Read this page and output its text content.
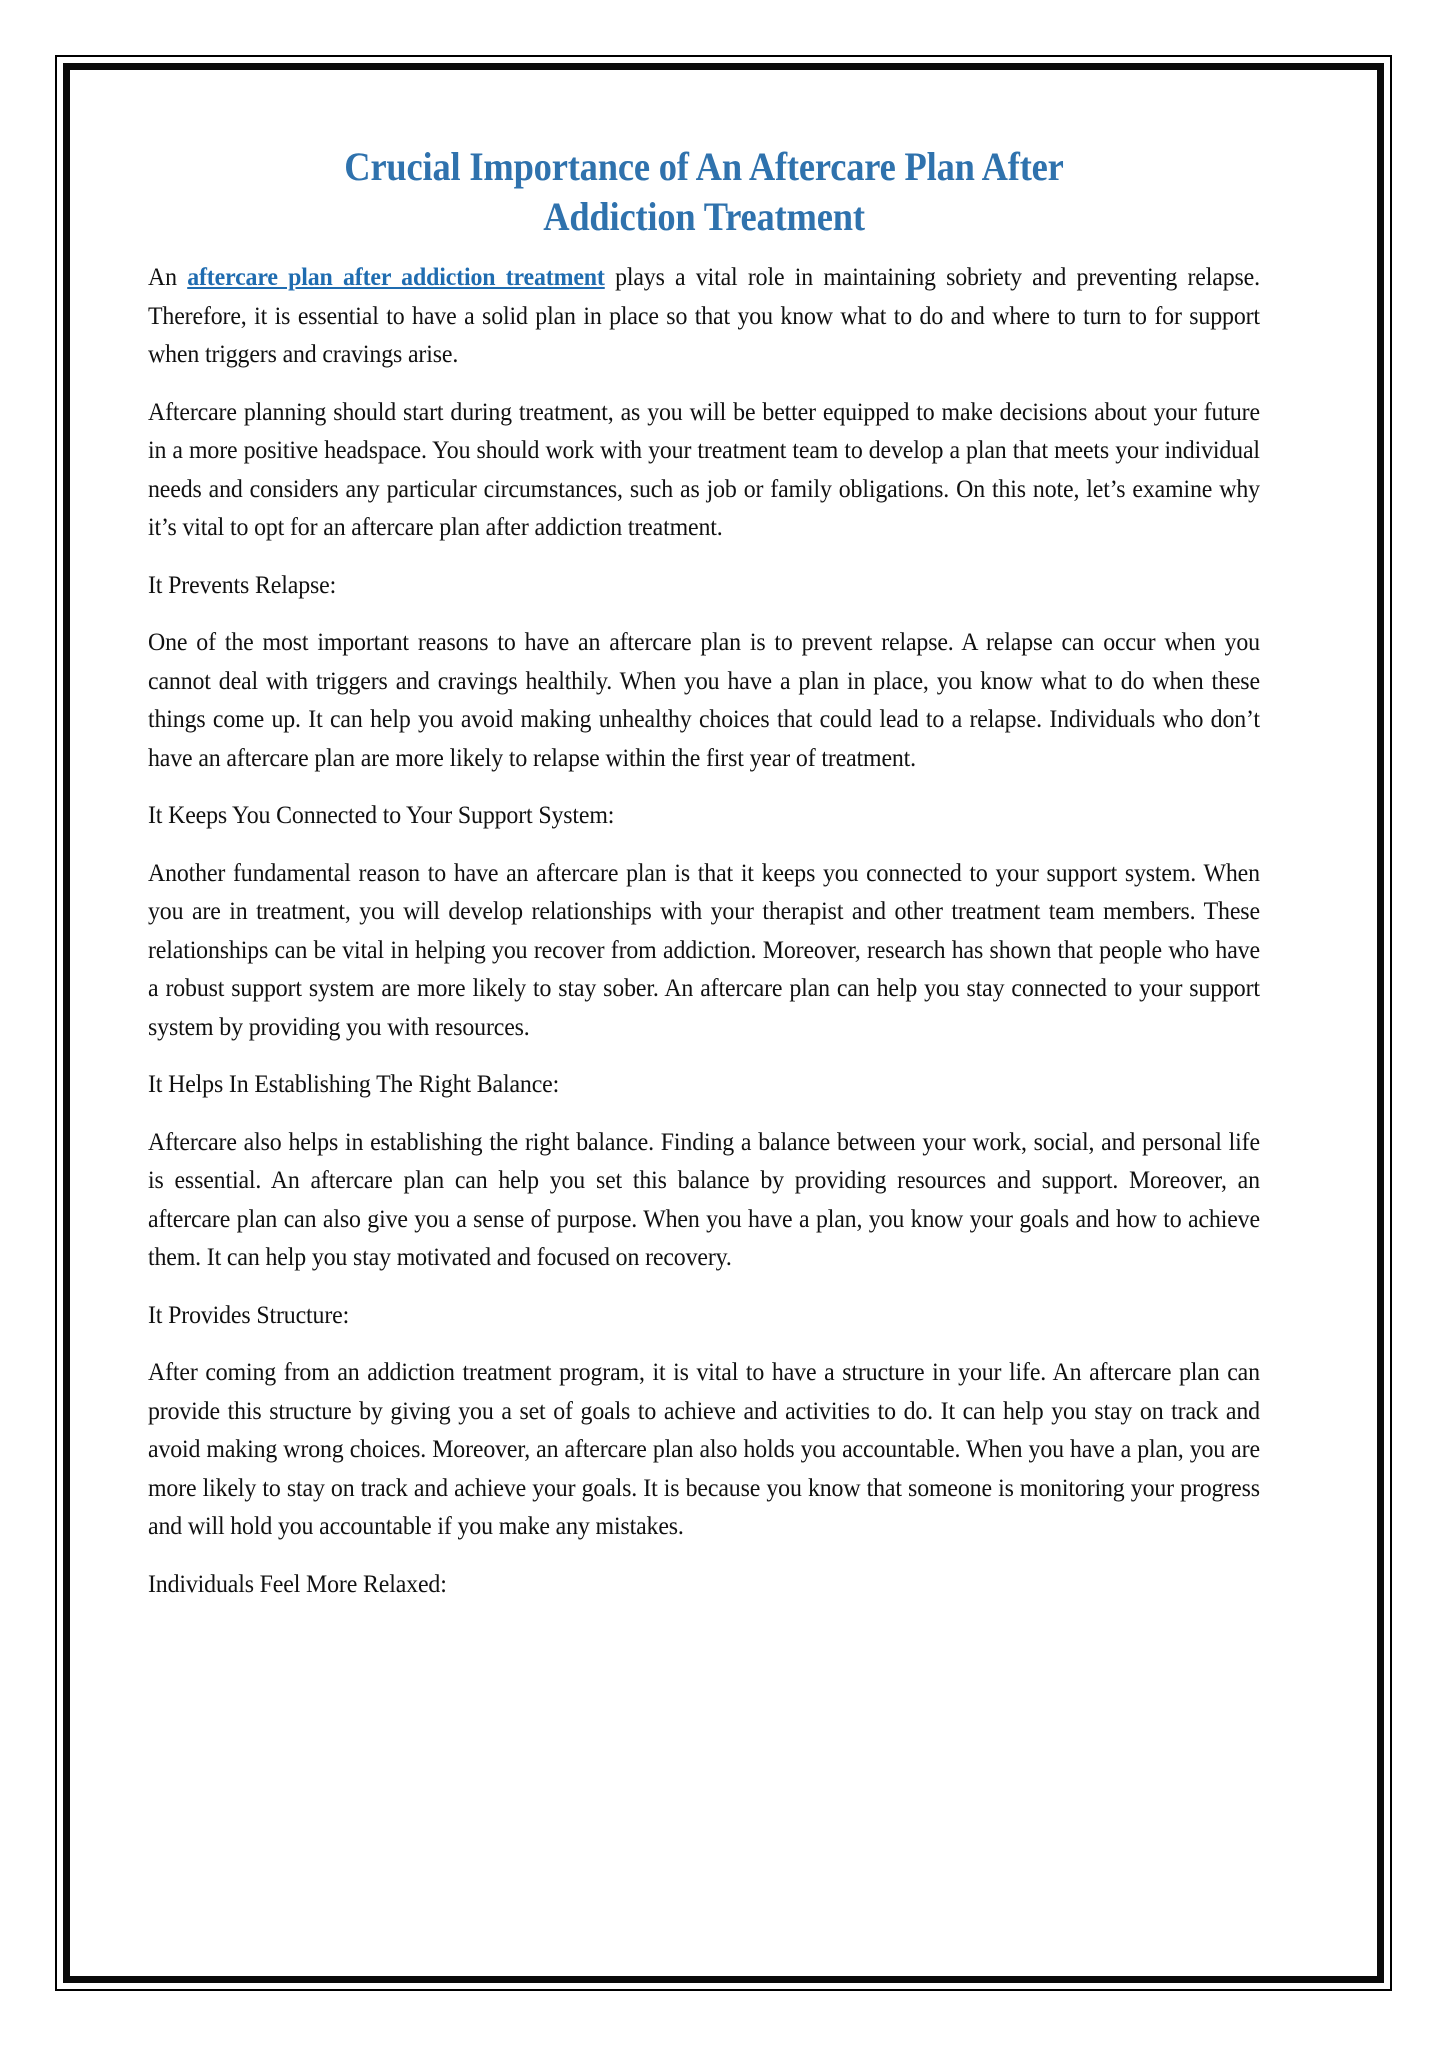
Crucial Importance of An Aftercare Plan After
Addiction Treatment

An aftercare plan after addiction treatment plays a vital role in maintaining sobriety and preventing relapse. Therefore, it is essential to have a solid plan in place so that you know what to do and where to turn to for support when triggers and cravings arise.

Aftercare planning should start during treatment, as you will be better equipped to make decisions about your future in a more positive headspace. You should work with your treatment team to develop a plan that meets your individual needs and considers any particular circumstances, such as job or family obligations. On this note, let’s examine why it’s vital to opt for an aftercare plan after addiction treatment.

It Prevents Relapse:

One of the most important reasons to have an aftercare plan is to prevent relapse. A relapse can occur when you cannot deal with triggers and cravings healthily. When you have a plan in place, you know what to do when these things come up. It can help you avoid making unhealthy choices that could lead to a relapse. Individuals who don’t have an aftercare plan are more likely to relapse within the first year of treatment.

It Keeps You Connected to Your Support System:

Another fundamental reason to have an aftercare plan is that it keeps you connected to your support system. When you are in treatment, you will develop relationships with your therapist and other treatment team members. These relationships can be vital in helping you recover from addiction. Moreover, research has shown that people who have a robust support system are more likely to stay sober. An aftercare plan can help you stay connected to your support system by providing you with resources.

It Helps In Establishing The Right Balance:

Aftercare also helps in establishing the right balance. Finding a balance between your work, social, and personal life is essential. An aftercare plan can help you set this balance by providing resources and support. Moreover, an aftercare plan can also give you a sense of purpose. When you have a plan, you know your goals and how to achieve them. It can help you stay motivated and focused on recovery.

It Provides Structure:

After coming from an addiction treatment program, it is vital to have a structure in your life. An aftercare plan can provide this structure by giving you a set of goals to achieve and activities to do. It can help you stay on track and avoid making wrong choices. Moreover, an aftercare plan also holds you accountable. When you have a plan, you are more likely to stay on track and achieve your goals. It is because you know that someone is monitoring your progress and will hold you accountable if you make any mistakes.

Individuals Feel More Relaxed:
